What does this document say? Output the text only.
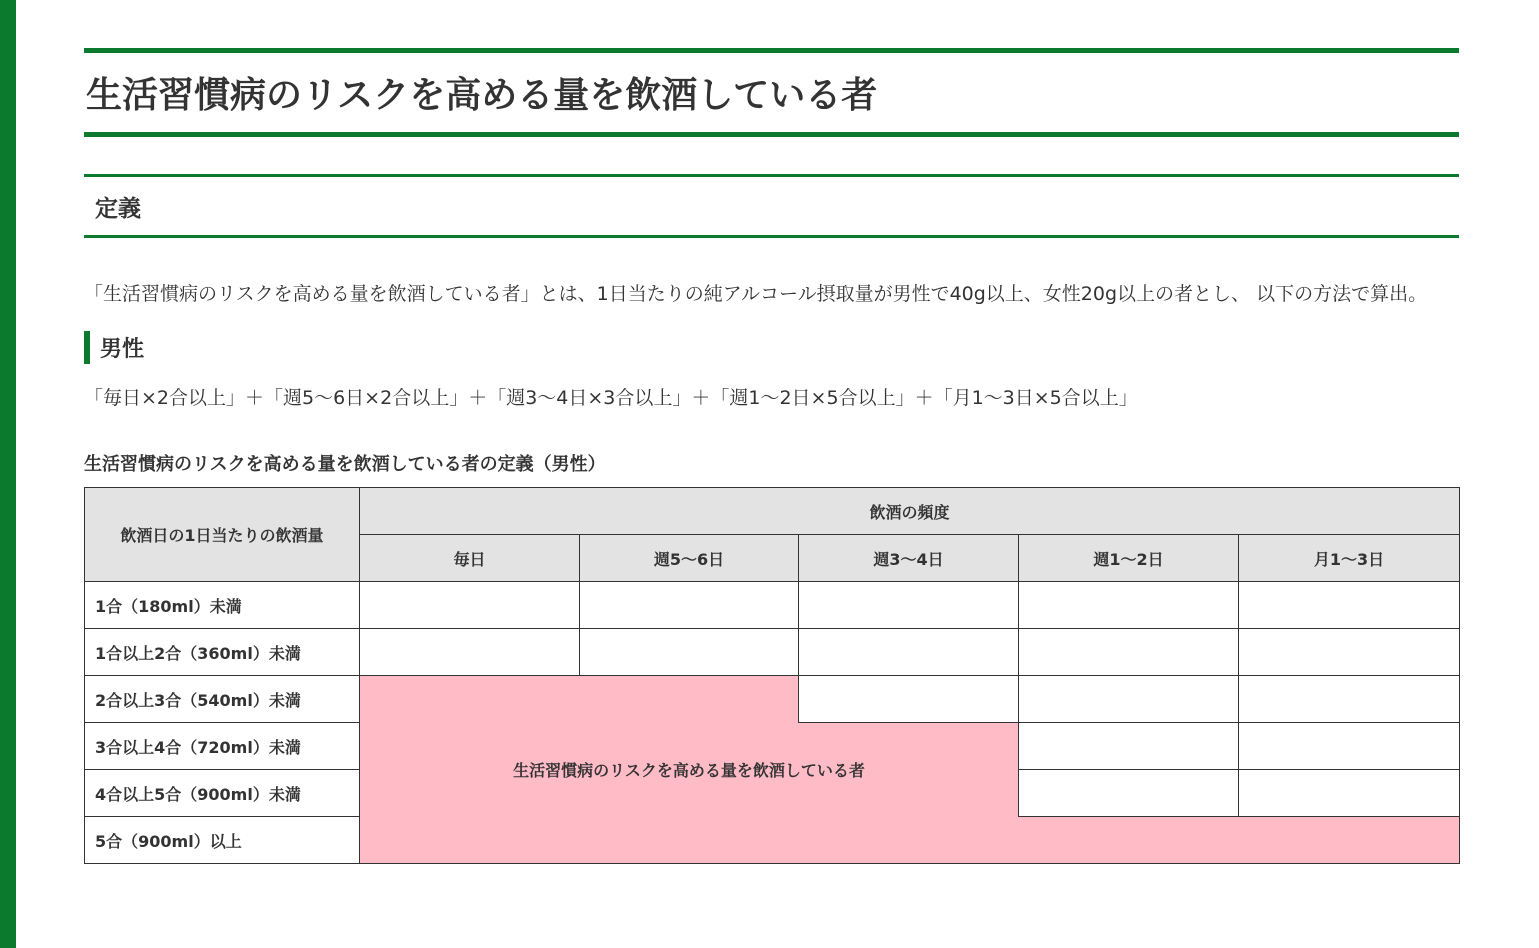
生活習慣病のリスクを高める量を飲酒している者
定義

「生活習慣病のリスクを高める量を飲酒している者」とは、1日当たりの純アルコール摂取量が男性で40g以上、女性20g以上の者とし、 以下の方法で算出。

男性

「毎日×2合以上」＋「週5～6日×2合以上」＋「週3～4日×3合以上」＋「週1～2日×5合以上」＋「月1～3日×5合以上」

生活習慣病のリスクを高める量を飲酒している者の定義（男性）

飲酒日の1日当たりの飲酒量	飲酒の頻度				
	毎日	週5～6日	週3～4日	週1～2日	月1～3日
1合（180ml）未満					
1合以上2合（360ml）未満					
2合以上3合（540ml）未満					
3合以上4合（720ml）未満	生活習慣病のリスクを高める量を飲酒している者				
4合以上5合（900ml）未満					
5合（900ml）以上					
